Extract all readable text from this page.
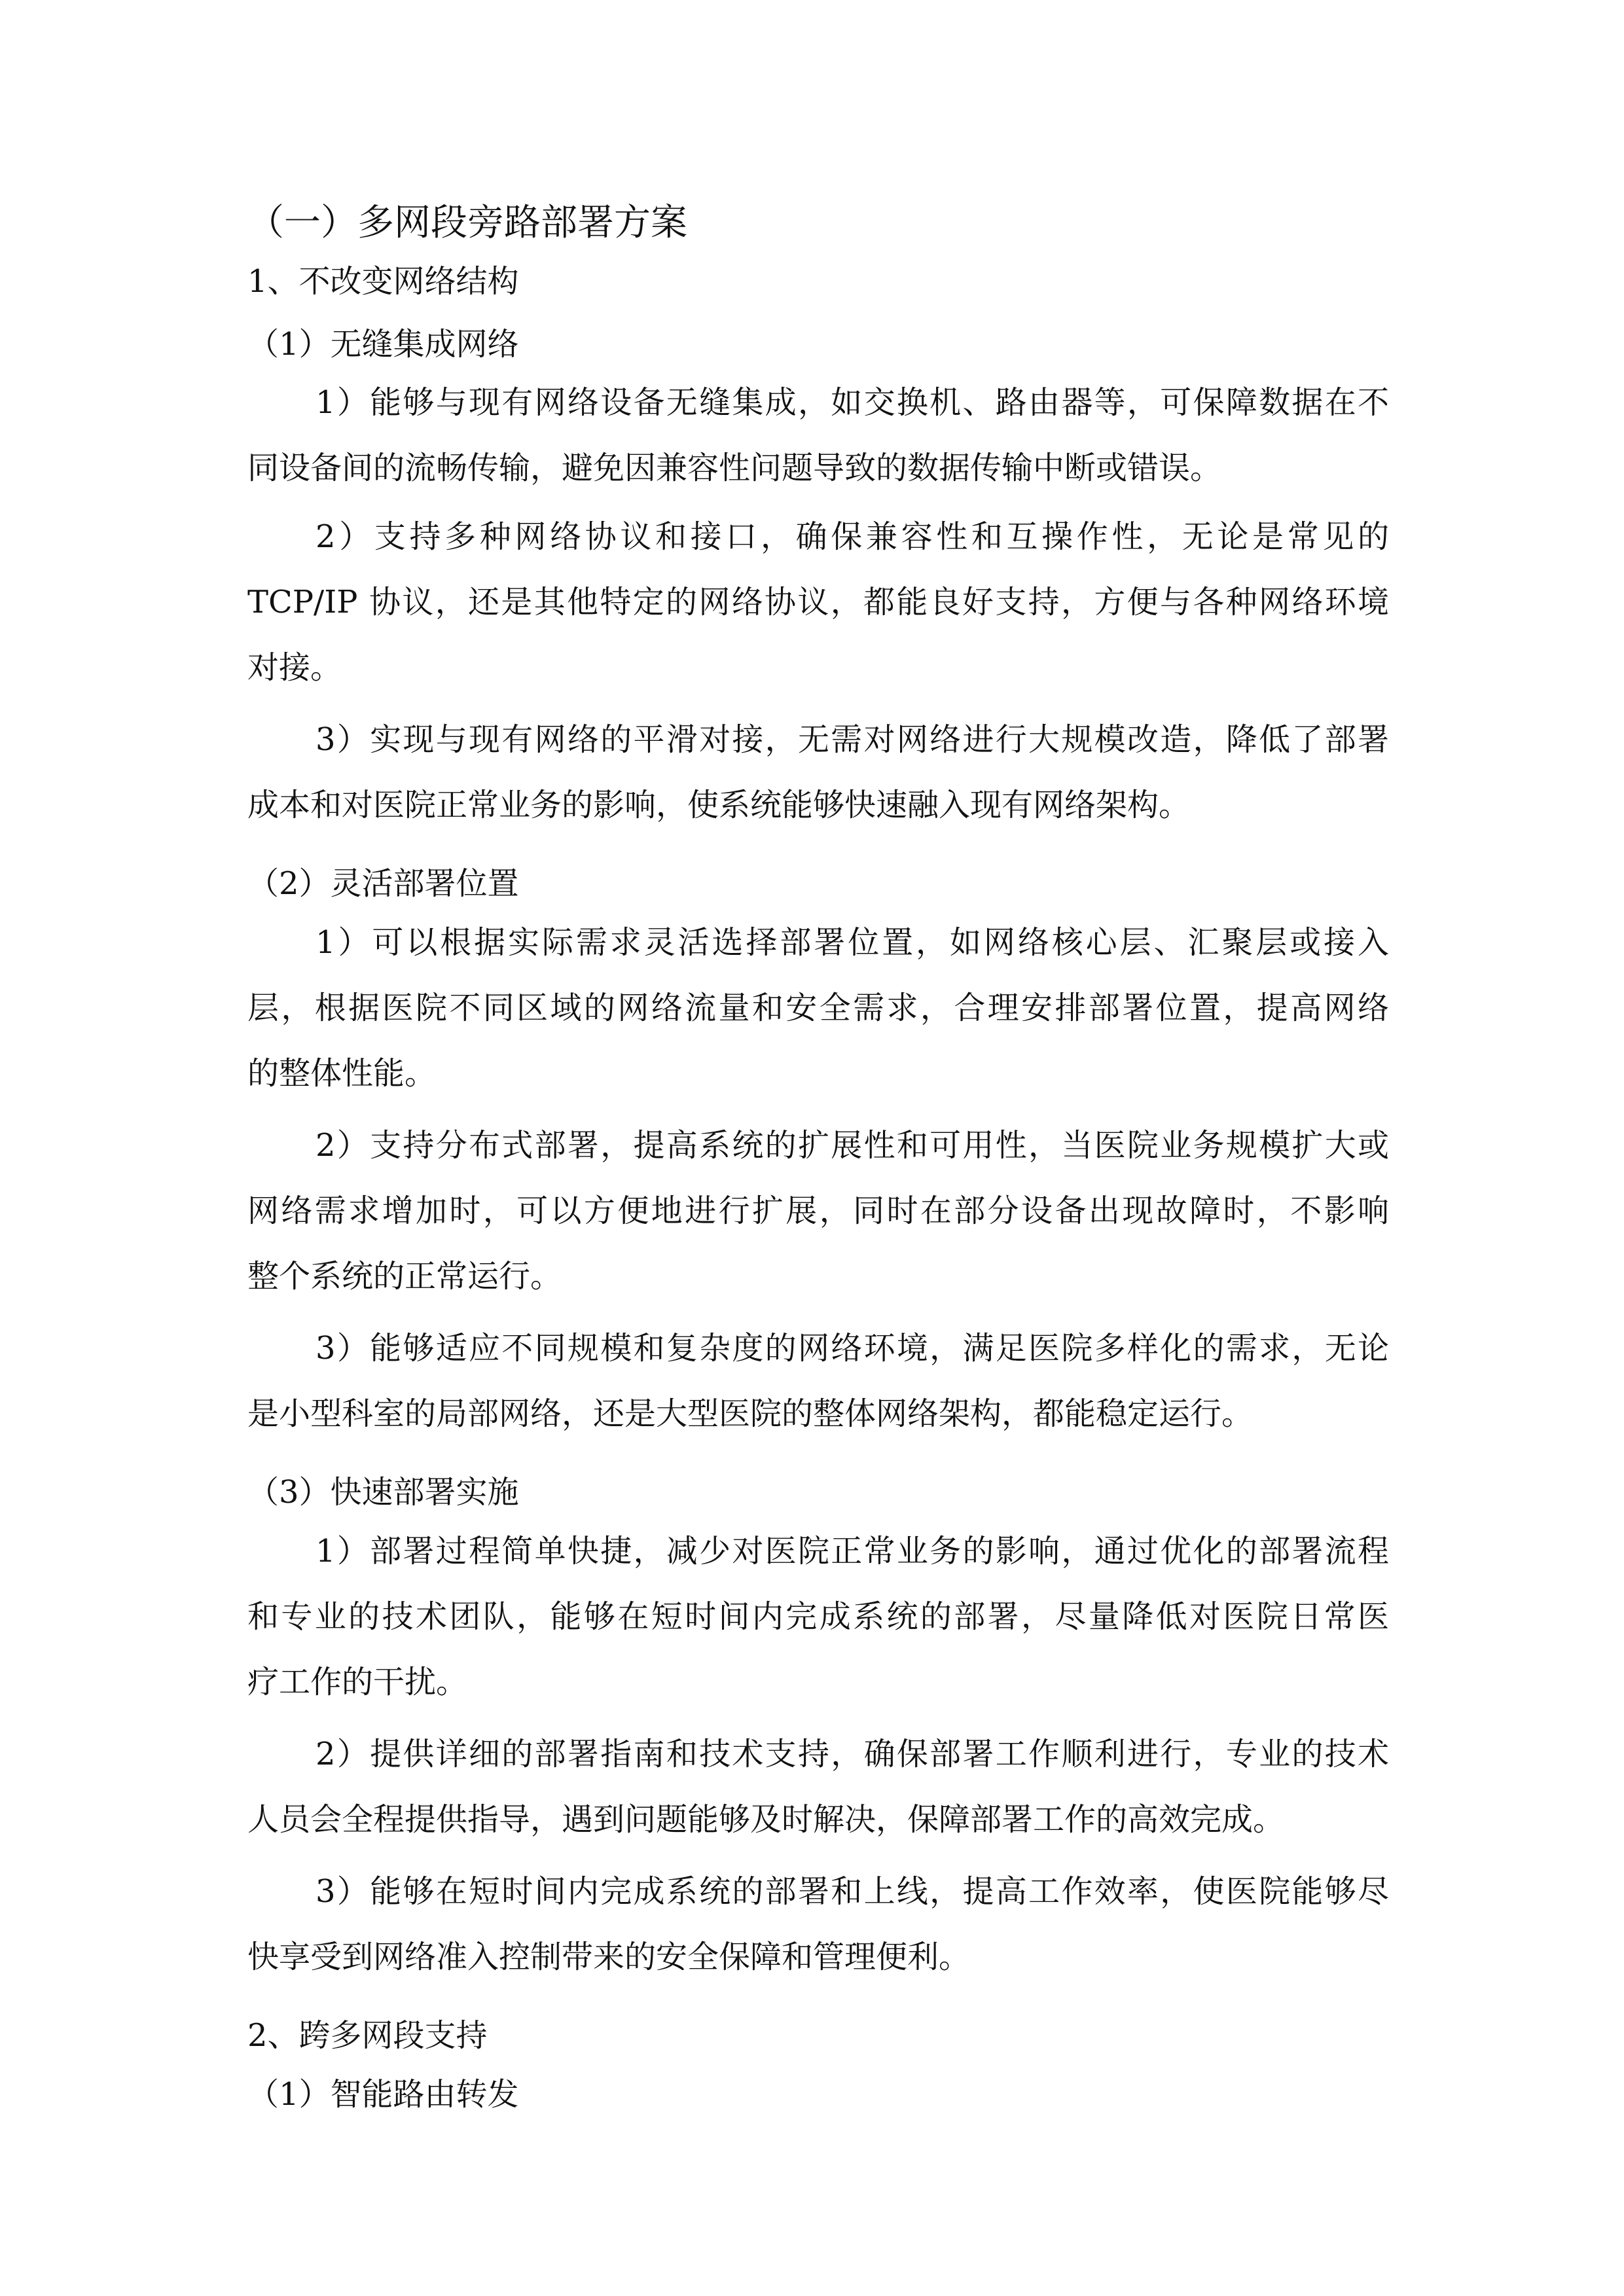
（一）多网段旁路部署方案
1、不改变网络结构
（1）无缝集成网络
1）能够与现有网络设备无缝集成，如交换机、路由器等，可保障数据在不
同设备间的流畅传输，避免因兼容性问题导致的数据传输中断或错误。
2）支持多种网络协议和接口，确保兼容性和互操作性，无论是常见的
TCP/IP 协议，还是其他特定的网络协议，都能良好支持，方便与各种网络环境
对接。
3）实现与现有网络的平滑对接，无需对网络进行大规模改造，降低了部署
成本和对医院正常业务的影响，使系统能够快速融入现有网络架构。
（2）灵活部署位置
1）可以根据实际需求灵活选择部署位置，如网络核心层、汇聚层或接入
层，根据医院不同区域的网络流量和安全需求，合理安排部署位置，提高网络
的整体性能。
2）支持分布式部署，提高系统的扩展性和可用性，当医院业务规模扩大或
网络需求增加时，可以方便地进行扩展，同时在部分设备出现故障时，不影响
整个系统的正常运行。
3）能够适应不同规模和复杂度的网络环境，满足医院多样化的需求，无论
是小型科室的局部网络，还是大型医院的整体网络架构，都能稳定运行。
（3）快速部署实施
1）部署过程简单快捷，减少对医院正常业务的影响，通过优化的部署流程
和专业的技术团队，能够在短时间内完成系统的部署，尽量降低对医院日常医
疗工作的干扰。
2）提供详细的部署指南和技术支持，确保部署工作顺利进行，专业的技术
人员会全程提供指导，遇到问题能够及时解决，保障部署工作的高效完成。
3）能够在短时间内完成系统的部署和上线，提高工作效率，使医院能够尽
快享受到网络准入控制带来的安全保障和管理便利。
2、跨多网段支持
（1）智能路由转发
